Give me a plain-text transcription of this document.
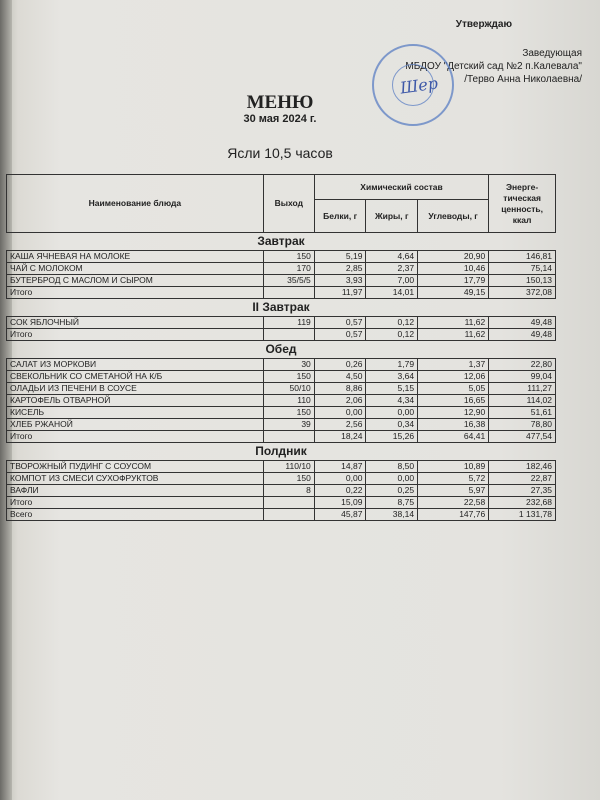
Утверждаю
Заведующая
МБДОУ "Детский сад №2 п.Калевала"
/Терво Анна Николаевна/
Шер
МЕНЮ
30 мая 2024 г.
Ясли 10,5 часов
Наименование блюда	Выход	Химический состав			Энерге-тическая ценность, ккал
		Белки, г	Жиры, г	Углеводы, г	
Завтрак					
КАША ЯЧНЕВАЯ НА МОЛОКЕ	150	5,19	4,64	20,90	146,81
ЧАЙ С МОЛОКОМ	170	2,85	2,37	10,46	75,14
БУТЕРБРОД С МАСЛОМ И СЫРОМ	35/5/5	3,93	7,00	17,79	150,13
Итого		11,97	14,01	49,15	372,08
II Завтрак					
СОК ЯБЛОЧНЫЙ	119	0,57	0,12	11,62	49,48
Итого		0,57	0,12	11,62	49,48
Обед					
САЛАТ ИЗ МОРКОВИ	30	0,26	1,79	1,37	22,80
СВЕКОЛЬНИК СО СМЕТАНОЙ НА К/Б	150	4,50	3,64	12,06	99,04
ОЛАДЬИ ИЗ ПЕЧЕНИ В СОУСЕ	50/10	8,86	5,15	5,05	111,27
КАРТОФЕЛЬ ОТВАРНОЙ	110	2,06	4,34	16,65	114,02
КИСЕЛЬ	150	0,00	0,00	12,90	51,61
ХЛЕБ РЖАНОЙ	39	2,56	0,34	16,38	78,80
Итого		18,24	15,26	64,41	477,54
Полдник					
ТВОРОЖНЫЙ ПУДИНГ С СОУСОМ	110/10	14,87	8,50	10,89	182,46
КОМПОТ ИЗ СМЕСИ СУХОФРУКТОВ	150	0,00	0,00	5,72	22,87
ВАФЛИ	8	0,22	0,25	5,97	27,35
Итого		15,09	8,75	22,58	232,68
Всего		45,87	38,14	147,76	1 131,78
